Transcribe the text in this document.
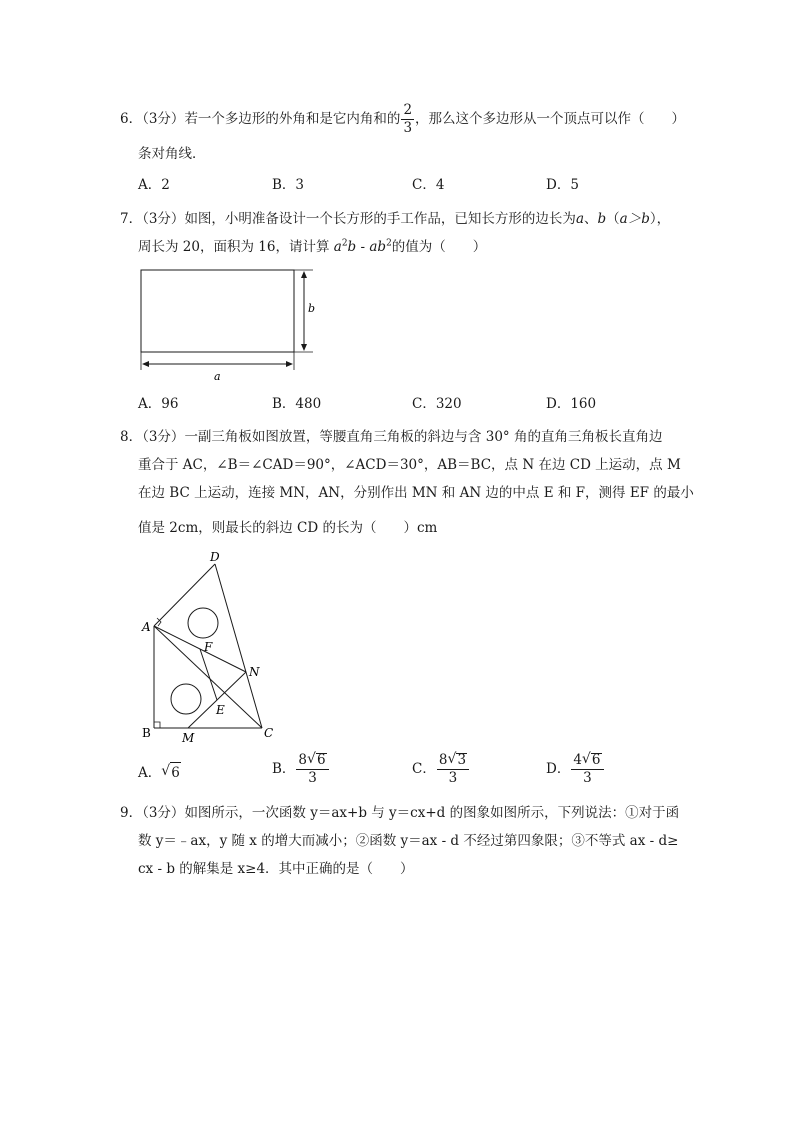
6．（3分）若一个多边形的外角和是它内角和的 $\frac{2}{3}$ ，那么这个多边形从一个顶点可以作（　　）
条对角线．
A．2	B．3	C．4	D．5
7．（3分）如图，小明准备设计一个长方形的手工作品，已知长方形的边长为a、b（a＞b），
周长为 20，面积为 16，请计算 $a^2b - ab^2$的值为（　　）
b
a
A．96	B．480	C．320	D．160
8．（3分）一副三角板如图放置，等腰直角三角板的斜边与含 30° 角的直角三角板长直角边
重合于 AC，∠B＝∠CAD＝90°，∠ACD＝30°，AB＝BC，点 N 在边 CD 上运动，点 M
在边 BC 上运动，连接 MN，AN，分别作出 MN 和 AN 边的中点 E 和 F，测得 EF 的最小
值是 2cm，则最长的斜边 CD 的长为（　　）cm
D
A
F
N
E
B	M	C
A． √ 6	B． $\frac{8 √ 6}{3}$	C． $\frac{8 √ 3}{3}$	D． $\frac{4 √ 6}{3}$
9．（3分）如图所示，一次函数 y＝ax+b 与 y＝cx+d 的图象如图所示，下列说法：①对于函
数 y＝﹣ax，y 随 x 的增大而减小；②函数 y＝ax - d 不经过第四象限；③不等式 ax - d≥
cx - b 的解集是 x≥4．其中正确的是（　　）
